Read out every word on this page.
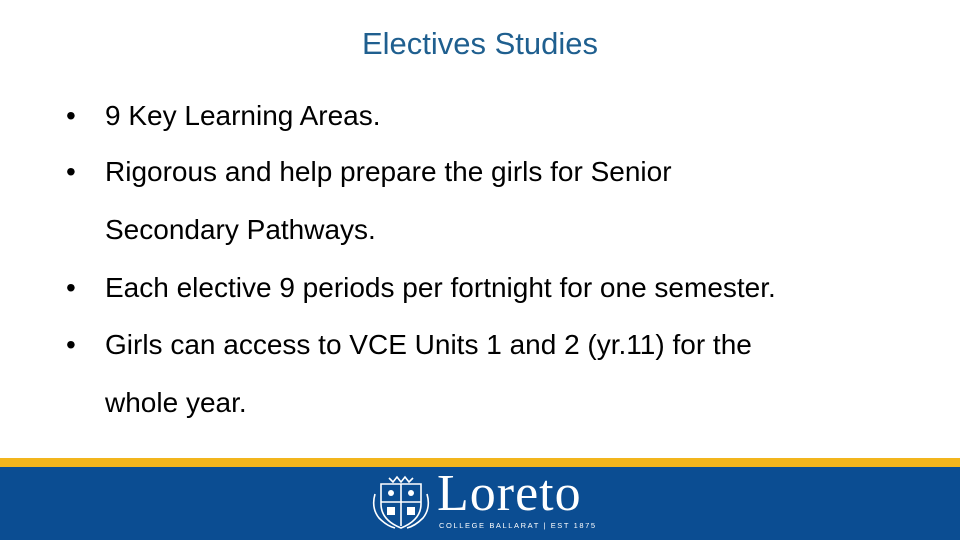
Electives Studies
•	9 Key Learning Areas.
•	Rigorous and help prepare the girls for Senior
Secondary Pathways.
•	Each elective 9 periods per fortnight for one semester.
•	Girls can access to VCE Units 1 and 2 (yr.11) for the
whole year.
Loreto
COLLEGE BALLARAT | EST 1875
